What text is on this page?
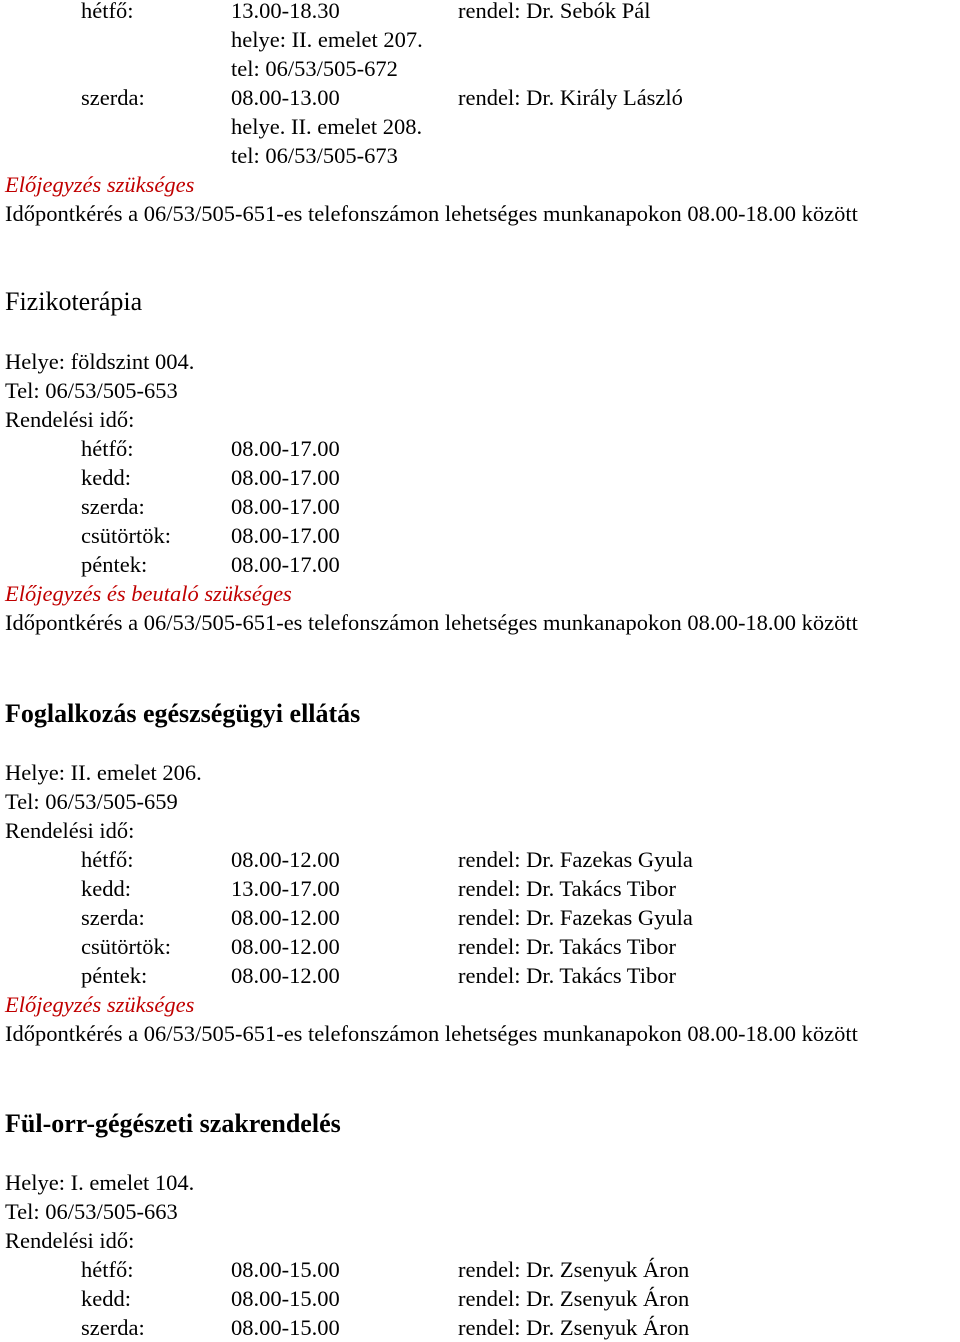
hétfő:	13.00-18.30	rendel: Dr. Sebók Pál
helye: II. emelet 207.
tel: 06/53/505-672
szerda:	08.00-13.00	rendel: Dr. Király László
helye. II. emelet 208.
tel: 06/53/505-673
Előjegyzés szükséges
Időpontkérés a 06/53/505-651-es telefonszámon lehetséges munkanapokon 08.00-18.00 között
Fizikoterápia
Helye: földszint 004.
Tel: 06/53/505-653
Rendelési idő:
hétfő:	08.00-17.00
kedd:	08.00-17.00
szerda:	08.00-17.00
csütörtök:	08.00-17.00
péntek:	08.00-17.00
Előjegyzés és beutaló szükséges
Időpontkérés a 06/53/505-651-es telefonszámon lehetséges munkanapokon 08.00-18.00 között
Foglalkozás egészségügyi ellátás
Helye: II. emelet 206.
Tel: 06/53/505-659
Rendelési idő:
hétfő:	08.00-12.00	rendel: Dr. Fazekas Gyula
kedd:	13.00-17.00	rendel: Dr. Takács Tibor
szerda:	08.00-12.00	rendel: Dr. Fazekas Gyula
csütörtök:	08.00-12.00	rendel: Dr. Takács Tibor
péntek:	08.00-12.00	rendel: Dr. Takács Tibor
Előjegyzés szükséges
Időpontkérés a 06/53/505-651-es telefonszámon lehetséges munkanapokon 08.00-18.00 között
Fül-orr-gégészeti szakrendelés
Helye: I. emelet 104.
Tel: 06/53/505-663
Rendelési idő:
hétfő:	08.00-15.00	rendel: Dr. Zsenyuk Áron
kedd:	08.00-15.00	rendel: Dr. Zsenyuk Áron
szerda:	08.00-15.00	rendel: Dr. Zsenyuk Áron
